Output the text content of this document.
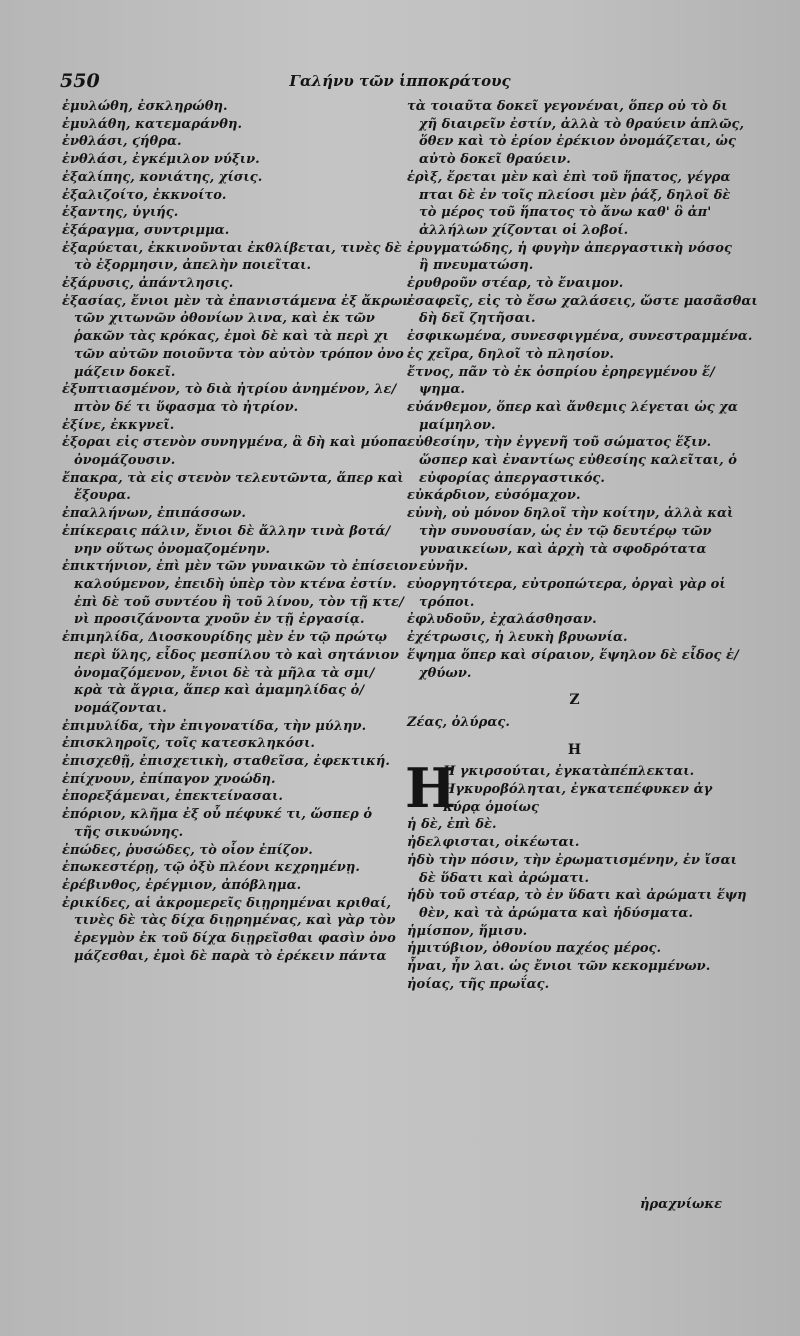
550	Γαλήνυ τῶν ἱπποκράτους
ἐμυλώθη, ἐσκληρώθη.
ἐμυλάθη, κατεμαράνθη.
ἐνθλάσι, ϛήθρα.
ἐνθλάσι, ἐγκέμιλον νύξιν.
ἐξαλίπης, κονιάτης, χίσις.
ἐξαλιζοίτο, ἐκκνοίτο.
ἐξαντης, ὑγιής.
ἐξάραγμα, συντριμμα.
ἐξαρύεται, ἐκκινοῦνται ἐκθλίβεται, τινὲς δὲ
τὸ ἐξορμησιν, ἀπελὴν ποιεῖται.
ἐξάρυσις, ἀπάντλησις.
ἐξασίας, ἔνιοι μὲν τὰ ἐπανιστάμενα ἐξ ἄκρων
τῶν χιτωνῶν ὀθονίων λινα, καὶ ἐκ τῶν
ῥακῶν τὰς κρόκας, ἐμοὶ δὲ καὶ τὰ περὶ χι
τῶν αὐτῶν ποιοῦντα τὸν αὐτὸν τρόπον ὀνο
μάζειν δοκεῖ.
ἐξυπτιασμένον, τὸ διὰ ἠτρίου ἀνημένον, λε/
πτὸν δέ τι ὕφασμα τὸ ἠτρίον.
ἐξίνε, ἐκκγνεῖ.
ἐξοραι εἰς στενὸν συνηγμένα, ἃ δὴ καὶ μύοπα
ὀνομάζουσιν.
ἔπακρα, τὰ εἰς στενὸν τελευτῶντα, ἅπερ καὶ
ἔξουρα.
ἐπαλλήνων, ἐπιπάσσων.
ἐπίκεραις πάλιν, ἔνιοι δὲ ἄλλην τινὰ βοτά/
νην οὕτως ὀνομαζομένην.
ἐπικτήνιον, ἐπὶ μὲν τῶν γυναικῶν τὸ ἐπίσειον
καλούμενον, ἐπειδὴ ὑπὲρ τὸν κτένα ἐστίν.
ἐπὶ δὲ τοῦ συντέου ἢ τοῦ λίνου, τὸν τῇ κτε/
νὶ προσιζάνοντα χνοῦν ἐν τῇ ἐργασίᾳ.
ἐπιμηλίδα, Διοσκουρίδης μὲν ἐν τῷ πρώτῳ
περὶ ὕλης, εἶδος μεσπίλου τὸ καὶ σητάνιον
ὀνομαζόμενον, ἔνιοι δὲ τὰ μῆλα τὰ σμι/
κρὰ τὰ ἄγρια, ἅπερ καὶ ἀμαμηλίδας ὀ/
νομάζονται.
ἐπιμυλίδα, τὴν ἐπιγονατίδα, τὴν μύλην.
ἐπισκληροῖς, τοῖς κατεσκληκόσι.
ἐπισχεθῇ, ἐπισχετικὴ, σταθεῖσα, ἐφεκτική.
ἐπίχνουν, ἐπίπαγον χνοώδη.
ἐπορεξάμεναι, ἐπεκτείνασαι.
ἐπόριον, κλῆμα ἐξ οὗ πέφυκέ τι, ὥσπερ ὁ
τῆς σικυώνης.
ἐπώδες, ῥυσώδες, τὸ οἷον ἐπίζον.
ἐπωκεστέρῃ, τῷ ὀξὺ πλέονι κεχρημένῃ.
ἐρέβινθος, ἐρέγμιον, ἀπόβλημα.
ἐρικίδες, αἱ ἀκρομερεῖς διῃρημέναι κριθαί,
τινὲς δὲ τὰς δίχα διῃρημένας, καὶ γὰρ τὸν
ἐρεγμὸν ἐκ τοῦ δίχα διῃρεῖσθαι φασὶν ὀνο
μάζεσθαι, ἐμοὶ δὲ παρὰ τὸ ἐρέκειν πάντα
τὰ τοιαῦτα δοκεῖ γεγονέναι, ὅπερ οὐ τὸ δι
χῆ διαιρεῖν ἐστίν, ἀλλὰ τὸ θραύειν ἁπλῶς,
ὅθεν καὶ τὸ ἐρίον ἐρέκιον ὀνομάζεται, ὡς
αὐτὸ δοκεῖ θραύειν.
ἑρὶξ, ἔρεται μὲν καὶ ἐπὶ τοῦ ἥπατος, γέγρα
πται δὲ ἐν τοῖς πλείοσι μὲν ῥάξ, δηλοῖ δὲ
τὸ μέρος τοῦ ἥπατος τὸ ἄνω καθ' ὃ ἀπ'
ἀλλήλων χίζονται οἱ λοβοί.
ἐρυγματώδης, ἡ φυγὴν ἀπεργαστικὴ νόσος
ἢ πνευματώση.
ἐρυθροῦν στέαρ, τὸ ἔναιμον.
ἐσαφεῖς, εἰς τὸ ἔσω χαλάσεις, ὥστε μασᾶσθαι
δὴ δεῖ ζητῆσαι.
ἐσφικωμένα, συνεσφιγμένα, συνεστραμμένα.
ἐς χεῖρα, δηλοῖ τὸ πλησίον.
ἔτνος, πᾶν τὸ ἐκ ὀσπρίου ἐρηρεγμένου ἕ/
ψημα.
εὐάνθεμον, ὅπερ καὶ ἄνθεμις λέγεται ὡς χα
μαίμηλον.
εὐθεσίην, τὴν ἐγγενῆ τοῦ σώματος ἕξιν.
ὥσπερ καὶ ἐναντίως εὐθεσίης καλεῖται, ὁ
εὐφορίας ἀπεργαστικός.
εὐκάρδιον, εὐσόμαχον.
εὐνὴ, οὐ μόνον δηλοῖ τὴν κοίτην, ἀλλὰ καὶ
τὴν συνουσίαν, ὡς ἐν τῷ δευτέρῳ τῶν
γυναικείων, καὶ ἀρχὴ τὰ σφοδρότατα
εὐνῆν.
εὐοργητότερα, εὐτροπώτερα, ὀργαὶ γὰρ οἱ
τρόποι.
ἐφλυδοῦν, ἐχαλάσθησαν.
ἐχέτρωσις, ἡ λευκὴ βρυωνία.
ἕψημα ὅπερ καὶ σίραιον, ἕψηλον δὲ εἶδος ἐ/
χθύων.
Ζ
Ζέας, ὀλύρας.
Η
Η
Η γκιρσούται, ἐγκατὰπέπλεκται.
Ηγκυροβόληται, ἐγκατεπέφυκεν ἀγ
κύρᾳ ὁμοίως
ἡ δὲ, ἐπὶ δὲ.
ἠδελφισται, οἰκέωται.
ἡδὺ τὴν πόσιν, τὴν ἐρωματισμένην, ἐν ἴσαι
δὲ ὕδατι καὶ ἀρώματι.
ἡδὺ τοῦ στέαρ, τὸ ἐν ὕδατι καὶ ἀρώματι ἕψη
θὲν, καὶ τὰ ἀρώματα καὶ ἡδύσματα.
ἡμίσπον, ἥμισυ.
ἡμιτύβιον, ὀθονίου παχέος μέρος.
ἦναι, ἧν λαι. ὡς ἔνιοι τῶν κεκομμένων.
ἠοίας, τῆς πρωΐας.
ἠραχνίωκε
